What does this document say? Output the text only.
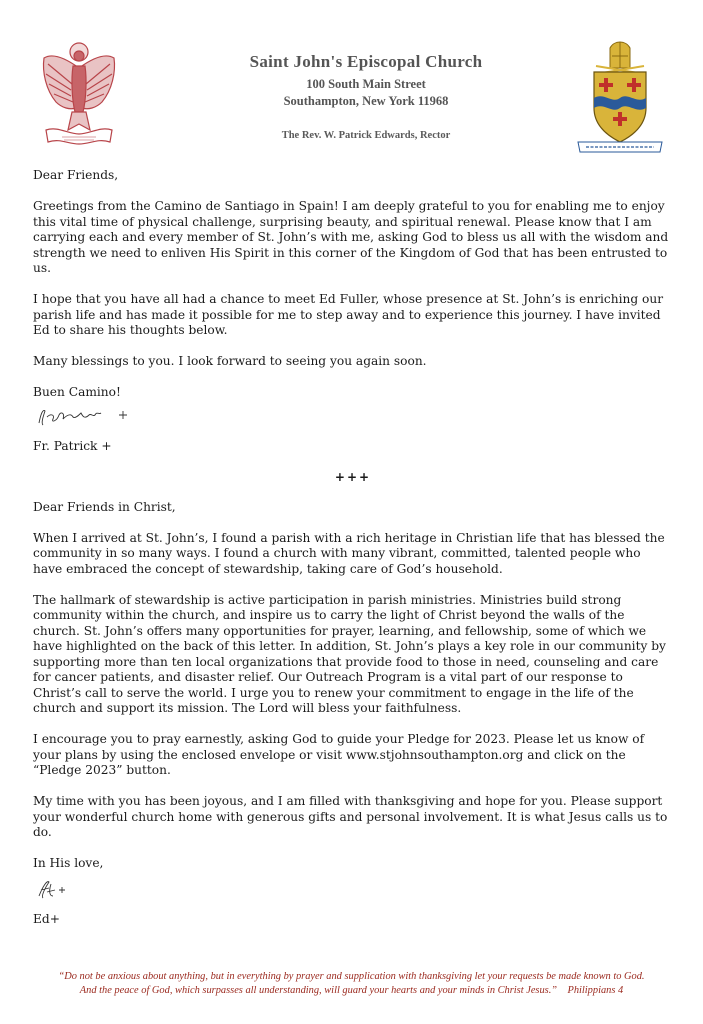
Saint John's Episcopal Church
100 South Main Street
Southampton, New York 11968
The Rev. W. Patrick Edwards, Rector

Dear Friends,

Greetings from the Camino de Santiago in Spain! I am deeply grateful to you for enabling me to enjoy this vital time of physical challenge, surprising beauty, and spiritual renewal. Please know that I am carrying each and every member of St. John’s with me, asking God to bless us all with the wisdom and strength we need to enliven His Spirit in this corner of the Kingdom of God that has been entrusted to us.

I hope that you have all had a chance to meet Ed Fuller, whose presence at St. John’s is enriching our parish life and has made it possible for me to step away and to experience this journey. I have invited Ed to share his thoughts below.

Many blessings to you. I look forward to seeing you again soon.

Buen Camino!

Fr. Patrick +

+++

Dear Friends in Christ,

When I arrived at St. John’s, I found a parish with a rich heritage in Christian life that has blessed the community in so many ways. I found a church with many vibrant, committed, talented people who have embraced the concept of stewardship, taking care of God’s household.

The hallmark of stewardship is active participation in parish ministries. Ministries build strong community within the church, and inspire us to carry the light of Christ beyond the walls of the church. St. John’s offers many opportunities for prayer, learning, and fellowship, some of which we have highlighted on the back of this letter. In addition, St. John’s plays a key role in our community by supporting more than ten local organizations that provide food to those in need, counseling and care for cancer patients, and disaster relief. Our Outreach Program is a vital part of our response to Christ’s call to serve the world. I urge you to renew your commitment to engage in the life of the church and support its mission. The Lord will bless your faithfulness.

I encourage you to pray earnestly, asking God to guide your Pledge for 2023. Please let us know of your plans by using the enclosed envelope or visit www.stjohnsouthampton.org and click on the “Pledge 2023” button.

My time with you has been joyous, and I am filled with thanksgiving and hope for you. Please support your wonderful church home with generous gifts and personal involvement. It is what Jesus calls us to do.

In His love,

Ed+

“Do not be anxious about anything, but in everything by prayer and supplication with thanksgiving let your requests be made known to God.
And the peace of God, which surpasses all understanding, will guard your hearts and your minds in Christ Jesus.” Philippians 4
